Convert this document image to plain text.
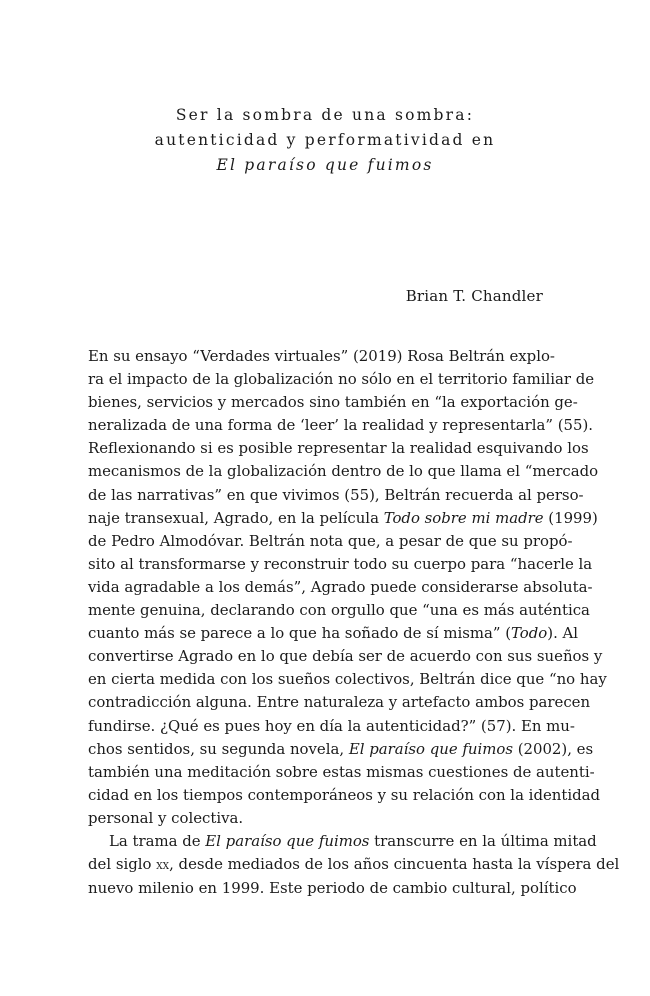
Ser la sombra de una sombra:
autenticidad y performatividad en
El paraíso que fuimos
Brian T. Chandler
En su ensayo “Verdades virtuales” (2019) Rosa Beltrán explo-
ra el impacto de la globalización no sólo en el territorio familiar de
bienes, servicios y mercados sino también en “la exportación ge-
neralizada de una forma de ‘leer’ la realidad y representarla” (55).
Reflexionando si es posible representar la realidad esquivando los
mecanismos de la globalización dentro de lo que llama el “mercado
de las narrativas” en que vivimos (55), Beltrán recuerda al perso-
naje transexual, Agrado, en la película Todo sobre mi madre (1999)
de Pedro Almodóvar. Beltrán nota que, a pesar de que su propó-
sito al transformarse y reconstruir todo su cuerpo para “hacerle la
vida agradable a los demás”, Agrado puede considerarse absoluta-
mente genuina, declarando con orgullo que “una es más auténtica
cuanto más se parece a lo que ha soñado de sí misma” (Todo). Al
convertirse Agrado en lo que debía ser de acuerdo con sus sueños y
en cierta medida con los sueños colectivos, Beltrán dice que “no hay
contradicción alguna. Entre naturaleza y artefacto ambos parecen
fundirse. ¿Qué es pues hoy en día la autenticidad?” (57). En mu-
chos sentidos, su segunda novela, El paraíso que fuimos (2002), es
también una meditación sobre estas mismas cuestiones de autenti-
cidad en los tiempos contemporáneos y su relación con la identidad
personal y colectiva.
La trama de El paraíso que fuimos transcurre en la última mitad
del siglo xx, desde mediados de los años cincuenta hasta la víspera del
nuevo milenio en 1999. Este periodo de cambio cultural, político
